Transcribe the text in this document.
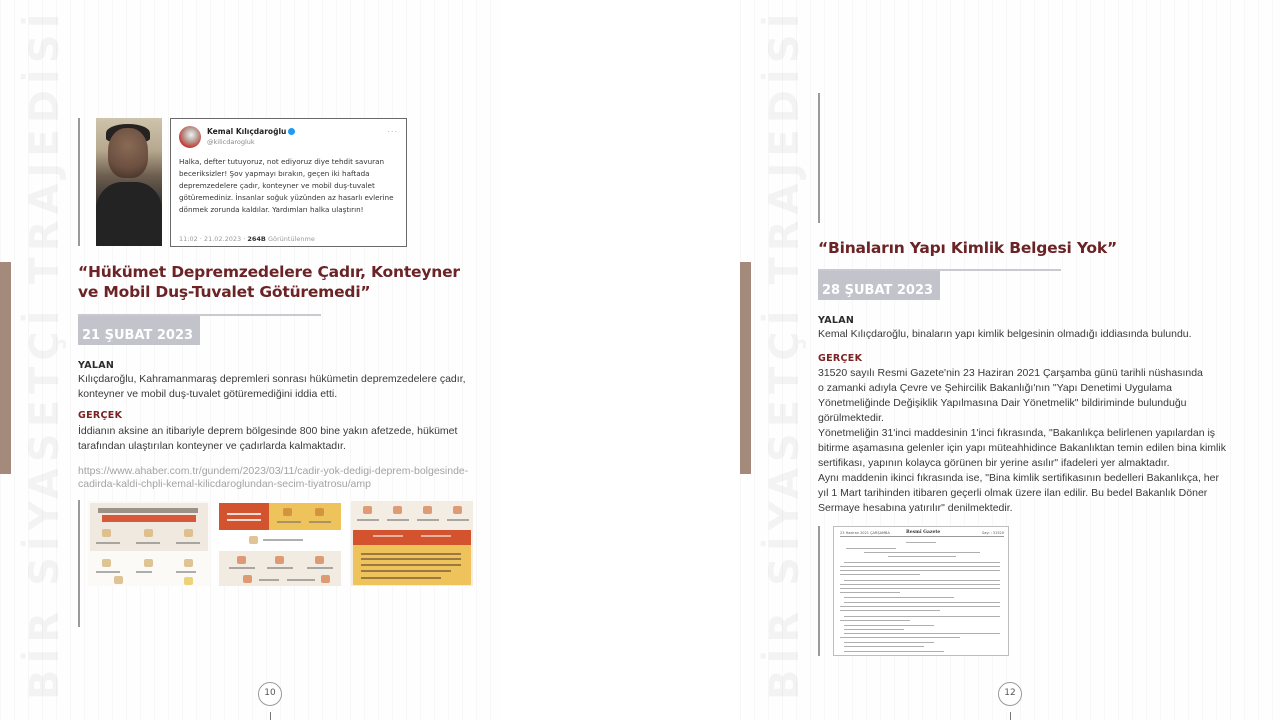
Kemal Kılıçdaroğlu
@kilicdarogluk
...
Halka, defter tutuyoruz, not ediyoruz diye tehdit savuran beceriksizler! Şov yapmayı bırakın, geçen iki haftada depremzedelere çadır, konteyner ve mobil duş-tuvalet götüremediniz. İnsanlar soğuk yüzünden az hasarlı evlerine dönmek zorunda kaldılar. Yardımları halka ulaştırın!
11:02 · 21.02.2023 · 264B Görüntülenme
“Hükümet Depremzedelere Çadır, Konteyner
ve Mobil Duş-Tuvalet Götüremedi”
21 ŞUBAT 2023
YALAN
Kılıçdaroğlu, Kahramanmaraş depremleri sonrası hükümetin depremzedelere çadır, konteyner ve mobil duş-tuvalet götüremediğini iddia etti.
GERÇEK
İddianın aksine an itibariyle deprem bölgesinde 800 bine yakın afetzede, hükümet tarafından ulaştırılan konteyner ve çadırlarda kalmaktadır.
https://www.ahaber.com.tr/gundem/2023/03/11/cadir-yok-dedigi-deprem-bolgesinde-
cadirda-kaldi-chpli-kemal-kilicdaroglundan-secim-tiyatrosu/amp
10
“Binaların Yapı Kimlik Belgesi Yok”
28 ŞUBAT 2023
YALAN
Kemal Kılıçdaroğlu, binaların yapı kimlik belgesinin olmadığı iddiasında bulundu.
GERÇEK
31520 sayılı Resmi Gazete'nin 23 Haziran 2021 Çarşamba günü tarihli nüshasında
o zamanki adıyla Çevre ve Şehircilik Bakanlığı'nın "Yapı Denetimi Uygulama
Yönetmeliğinde Değişiklik Yapılmasına Dair Yönetmelik" bildiriminde bulunduğu
görülmektedir.
Yönetmeliğin 31'inci maddesinin 1'inci fıkrasında, "Bakanlıkça belirlenen yapılardan iş
bitirme aşamasına gelenler için yapı müteahhidince Bakanlıktan temin edilen bina kimlik
sertifikası, yapının kolayca görünen bir yerine asılır" ifadeleri yer almaktadır.
Aynı maddenin ikinci fıkrasında ise, "Bina kimlik sertifikasının bedelleri Bakanlıkça, her
yıl 1 Mart tarihinden itibaren geçerli olmak üzere ilan edilir. Bu bedel Bakanlık Döner
Sermaye hesabına yatırılır" denilmektedir.
23 Haziran 2021 ÇARŞAMBA	Resmî Gazete	Sayı : 31520
12
